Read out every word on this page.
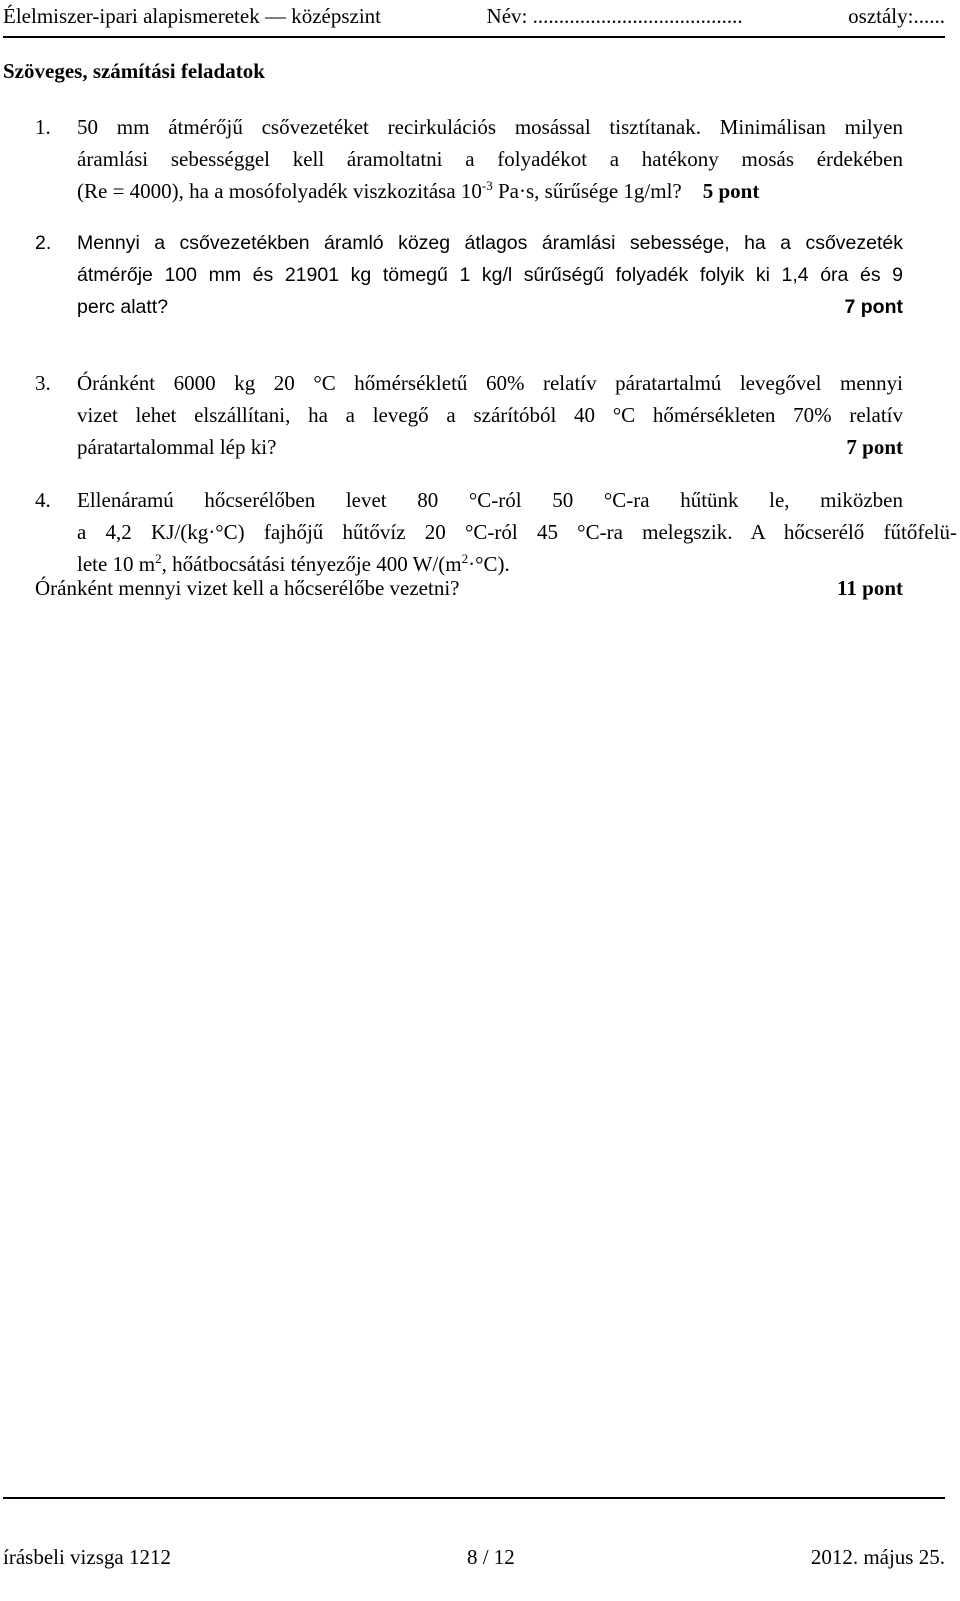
Élelmiszer-ipari alapismeretek — középszint	Név: ........................................	osztály:......
Szöveges, számítási feladatok
1.	50 mm átmérőjű csővezetéket recirkulációs mosással tisztítanak. Minimálisan milyen
áramlási sebességgel kell áramoltatni a folyadékot a hatékony mosás érdekében
(Re = 4000), ha a mosófolyadék viszkozitása $10^{-3}$ Pa·s, sűrűsége 1g/ml? 5 pont
2.	Mennyi a csővezetékben áramló közeg átlagos áramlási sebessége, ha a csővezeték
átmérője 100 mm és 21901 kg tömegű 1 kg/l sűrűségű folyadék folyik ki 1,4 óra és 9
perc alatt?	7 pont
3.	Óránként 6000 kg 20 °C hőmérsékletű 60% relatív páratartalmú levegővel mennyi
vizet lehet elszállítani, ha a levegő a szárítóból 40 °C hőmérsékleten 70% relatív
páratartalommal lép ki?	7 pont
4.	Ellenáramú hőcserélőben levet 80 °C-ról 50 °C-ra hűtünk le, miközben
a 4,2 KJ/(kg·°C) fajhőjű hűtővíz 20 °C-ról 45 °C-ra melegszik. A hőcserélő fűtőfelü-
lete 10 $m^2$, hőátbocsátási tényezője 400 $W/(m^2\cdot^\circ C)$.
Óránként mennyi vizet kell a hőcserélőbe vezetni?	11 pont
írásbeli vizsga 1212	8 / 12	2012. május 25.
